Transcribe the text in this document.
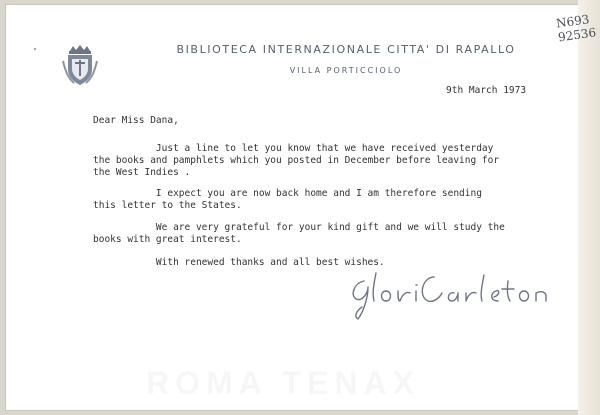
BIBLIOTECA INTERNAZIONALE CITTA' DI RAPALLO
VILLA PORTICCIOLO
9th March 1973
Dear Miss Dana,
Just a line to let you know that we have received yesterday
the books and pamphlets which you posted in December before leaving for
the West Indies .
I expect you are now back home and I am therefore sending
this letter to the States.
We are very grateful for your kind gift and we will study the
books with great interest.
With renewed thanks and all best wishes.
N693
92536
